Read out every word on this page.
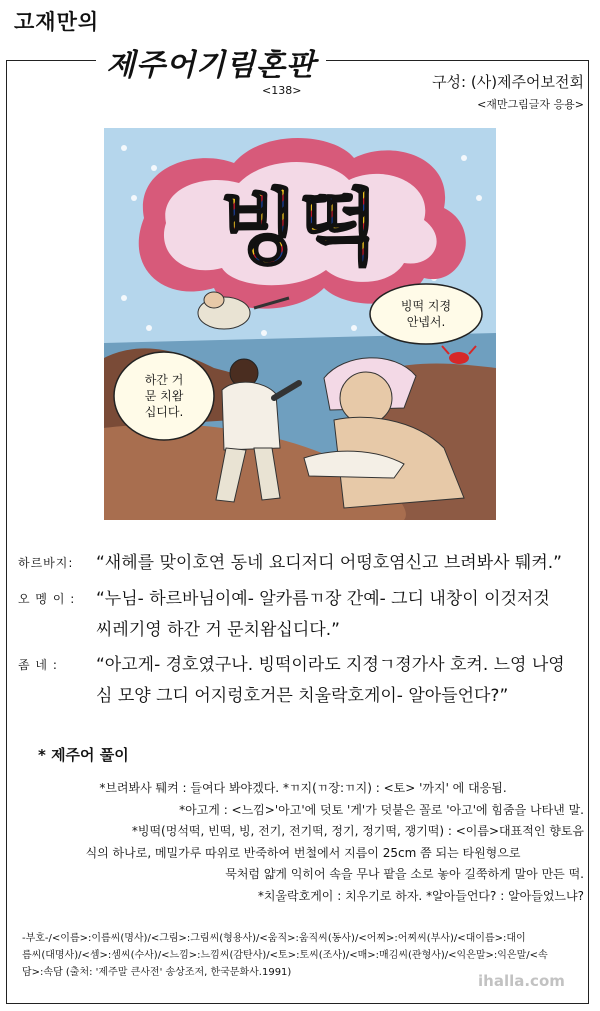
고재만의
제주어기림혼판
<138>	구성: (사)제주어보전회
<재만그림글자 응용>
빙떡
하간 거
문 치왐
십디다.
빙떡 지졍
안넵서.
하르바지:	“새헤를 맞이호연 동네 요디저디 어떵호염신고 브려봐사 퉤켜.”
오 멩 이 :	“누님- 하르바님이예- 알카름ㄲ장 간예- 그디 내창이 이것저것
씨레기영 하간 거 문치왐십디다.”
좀 네 :	“아고게- 경호였구나. 빙떡이라도 지졍ㄱ졍가사 호켜. 느영 나영
심 모양 그디 어지렁호거믄 치울락호게이- 알아들언다?”
* 제주어 풀이

*브려봐사 퉤켜 : 들여다 봐야겠다. *ㄲ지(ㄲ장:ㄲ지) : <토> '까지' 에 대응됨.

*아고게 : <느낌>'아고'에 덧토 '게'가 덧붙은 꼴로 '아고'에 힘줌을 나타낸 말.

*빙떡(멍석떡, 빈떡, 빙, 전기, 전기떡, 정기, 정기떡, 쟁기떡) : <이름>대표적인 향토음

식의 하나로, 메밀가루 따위로 반죽하여 번철에서 지름이 25cm 쯤 되는 타원형으로

묵처럼 얇게 익히어 속을 무나 팥을 소로 놓아 길쭉하게 말아 만든 떡.

*치울락호게이 : 치우기로 하자. *알아들언다? : 알아들었느냐?

-부호-/<이름>:이름씨(명사)/<그림>:그림씨(형용사)/<움직>:움직씨(동사)/<어찌>:어찌씨(부사)/<대이름>:대이
름씨(대명사)/<셈>:셈씨(수사)/<느낌>:느낌씨(감탄사)/<토>:토씨(조사)/<매>:매김씨(관형사)/<익은말>:익은말/<속
담>:속담 (출처: '제주말 큰사전' 송상조저, 한국문화사.1991)	ihalla.com
